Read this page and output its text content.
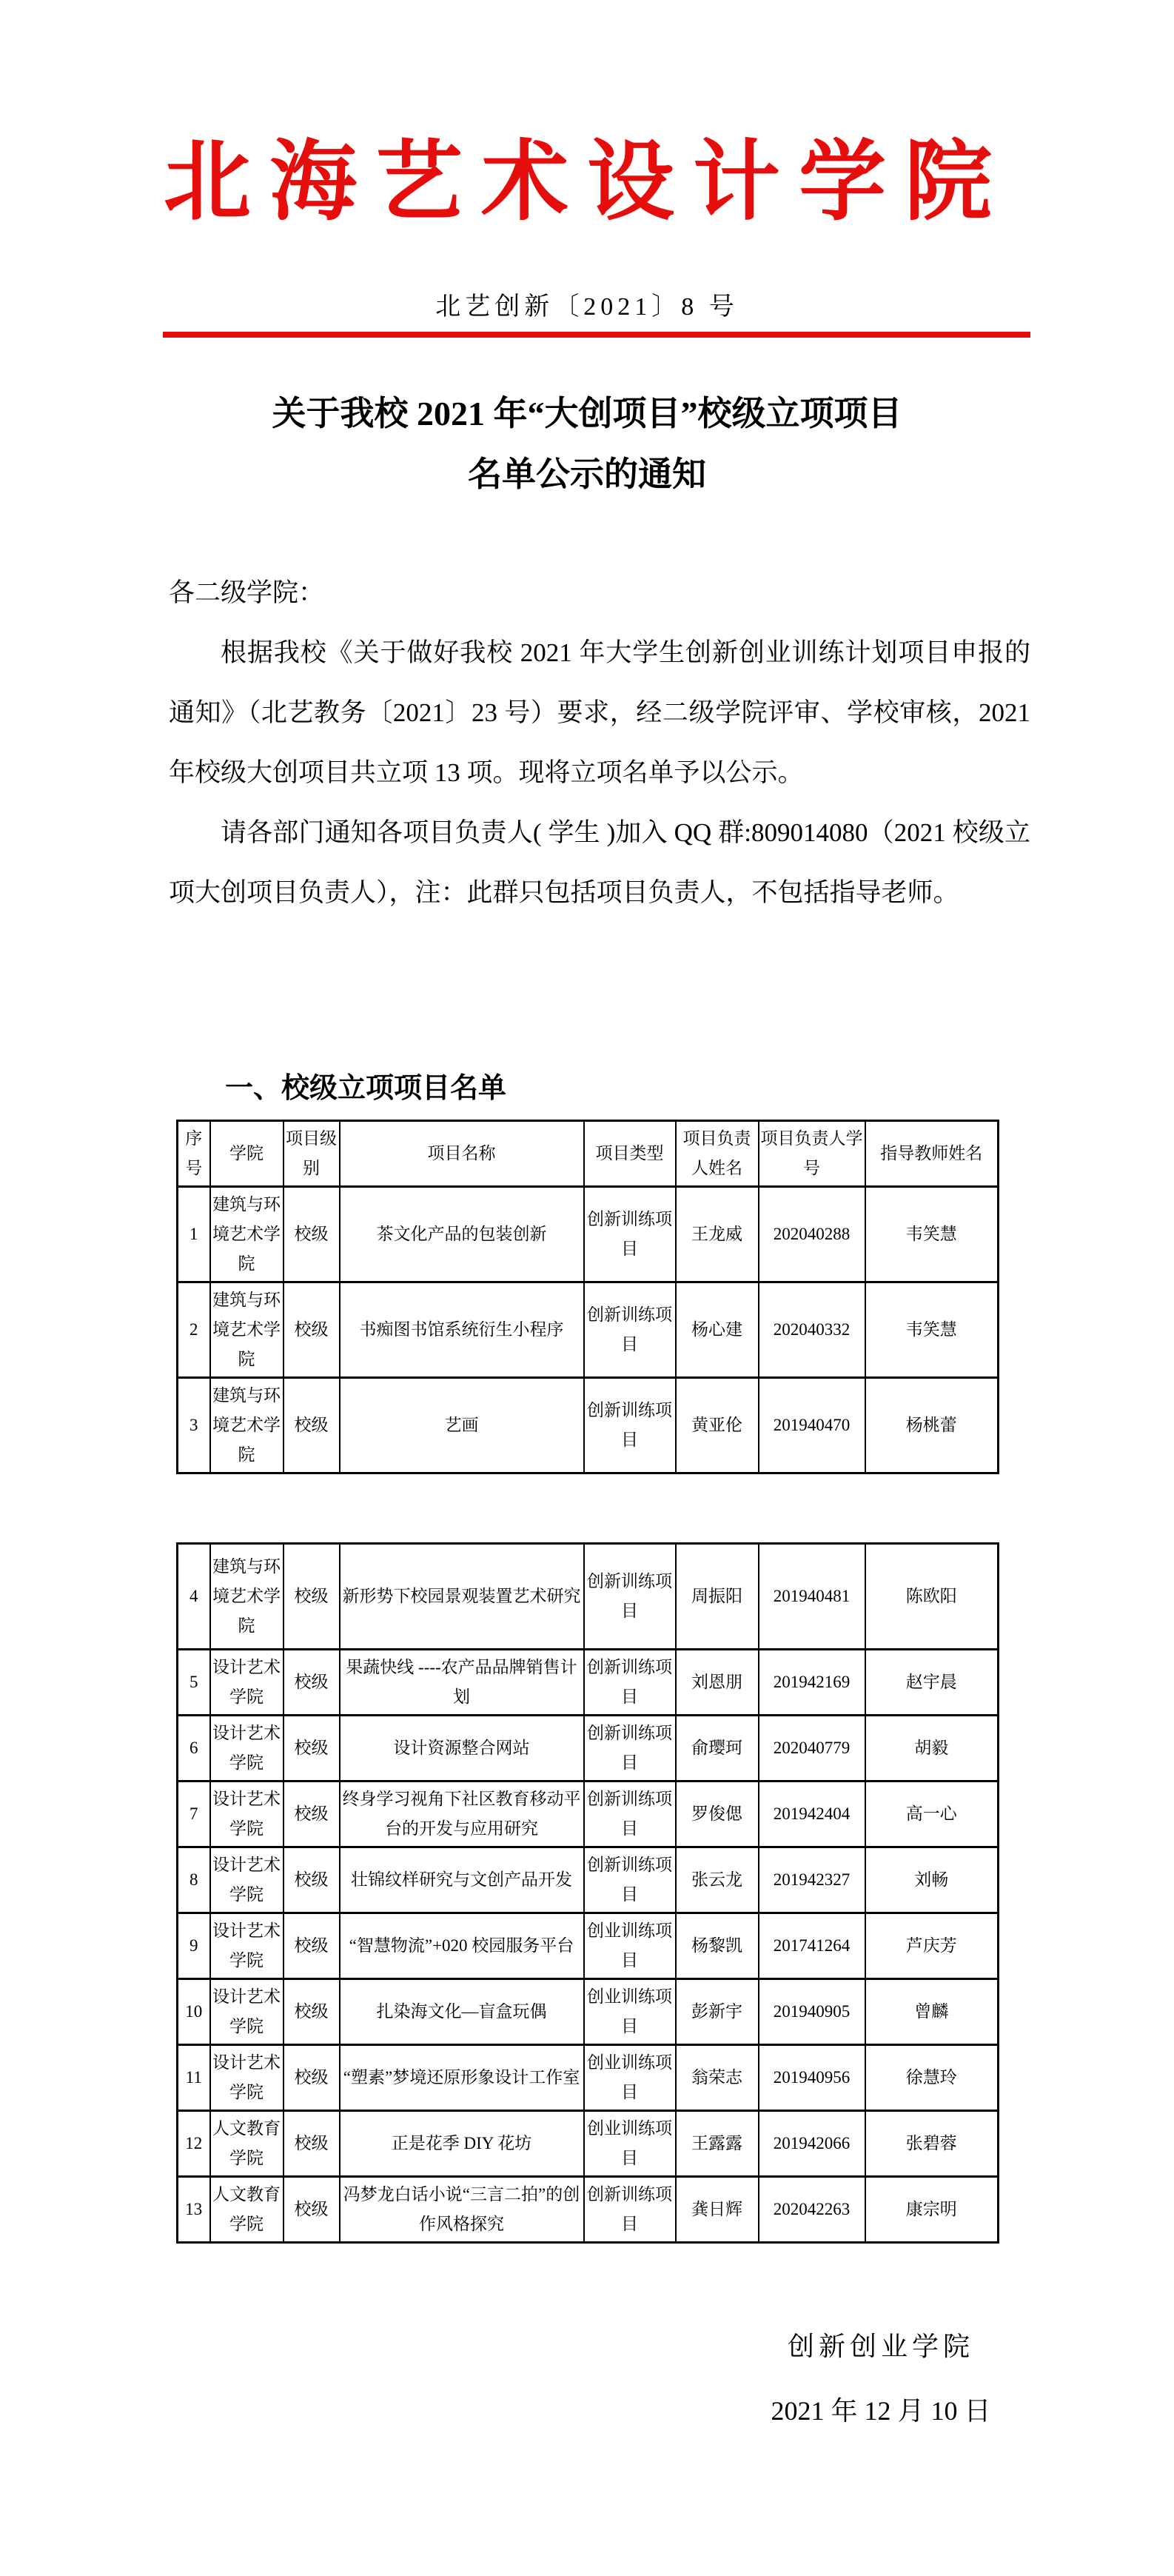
北海艺术设计学院
北艺创新〔2021〕8 号
关于我校 2021 年“大创项目”校级立项项目
名单公示的通知

各二级学院：

根据我校《关于做好我校 2021 年大学生创新创业训练计划项目申报的通知》（北艺教务〔2021〕23 号）要求，经二级学院评审、学校审核，2021 年校级大创项目共立项 13 项。现将立项名单予以公示。

请各部门通知各项目负责人( 学生 )加入 QQ 群:809014080（2021 校级立项大创项目负责人），注：此群只包括项目负责人，不包括指导老师。

一、校级立项项目名单
序号	学院	项目级别	项目名称	项目类型	项目负责人姓名	项目负责人学号	指导教师姓名
1	建筑与环境艺术学院	校级	茶文化产品的包装创新	创新训练项目	王龙威	202040288	韦笑慧
2	建筑与环境艺术学院	校级	书痴图书馆系统衍生小程序	创新训练项目	杨心建	202040332	韦笑慧
3	建筑与环境艺术学院	校级	艺画	创新训练项目	黄亚伦	201940470	杨桃蕾
4	建筑与环境艺术学院	校级	新形势下校园景观装置艺术研究	创新训练项目	周振阳	201940481	陈欧阳
5	设计艺术学院	校级	果蔬快线 ----农产品品牌销售计划	创新训练项目	刘恩朋	201942169	赵宇晨
6	设计艺术学院	校级	设计资源整合网站	创新训练项目	俞璎珂	202040779	胡毅
7	设计艺术学院	校级	终身学习视角下社区教育移动平台的开发与应用研究	创新训练项目	罗俊偲	201942404	高一心
8	设计艺术学院	校级	壮锦纹样研究与文创产品开发	创新训练项目	张云龙	201942327	刘畅
9	设计艺术学院	校级	“智慧物流”+020 校园服务平台	创业训练项目	杨黎凯	201741264	芦庆芳
10	设计艺术学院	校级	扎染海文化—盲盒玩偶	创业训练项目	彭新宇	201940905	曾麟
11	设计艺术学院	校级	“塑素”梦境还原形象设计工作室	创业训练项目	翁荣志	201940956	徐慧玲
12	人文教育学院	校级	正是花季 DIY 花坊	创业训练项目	王露露	201942066	张碧蓉
13	人文教育学院	校级	冯梦龙白话小说“三言二拍”的创作风格探究	创新训练项目	龚日辉	202042263	康宗明
创新创业学院
2021 年 12 月 10 日
